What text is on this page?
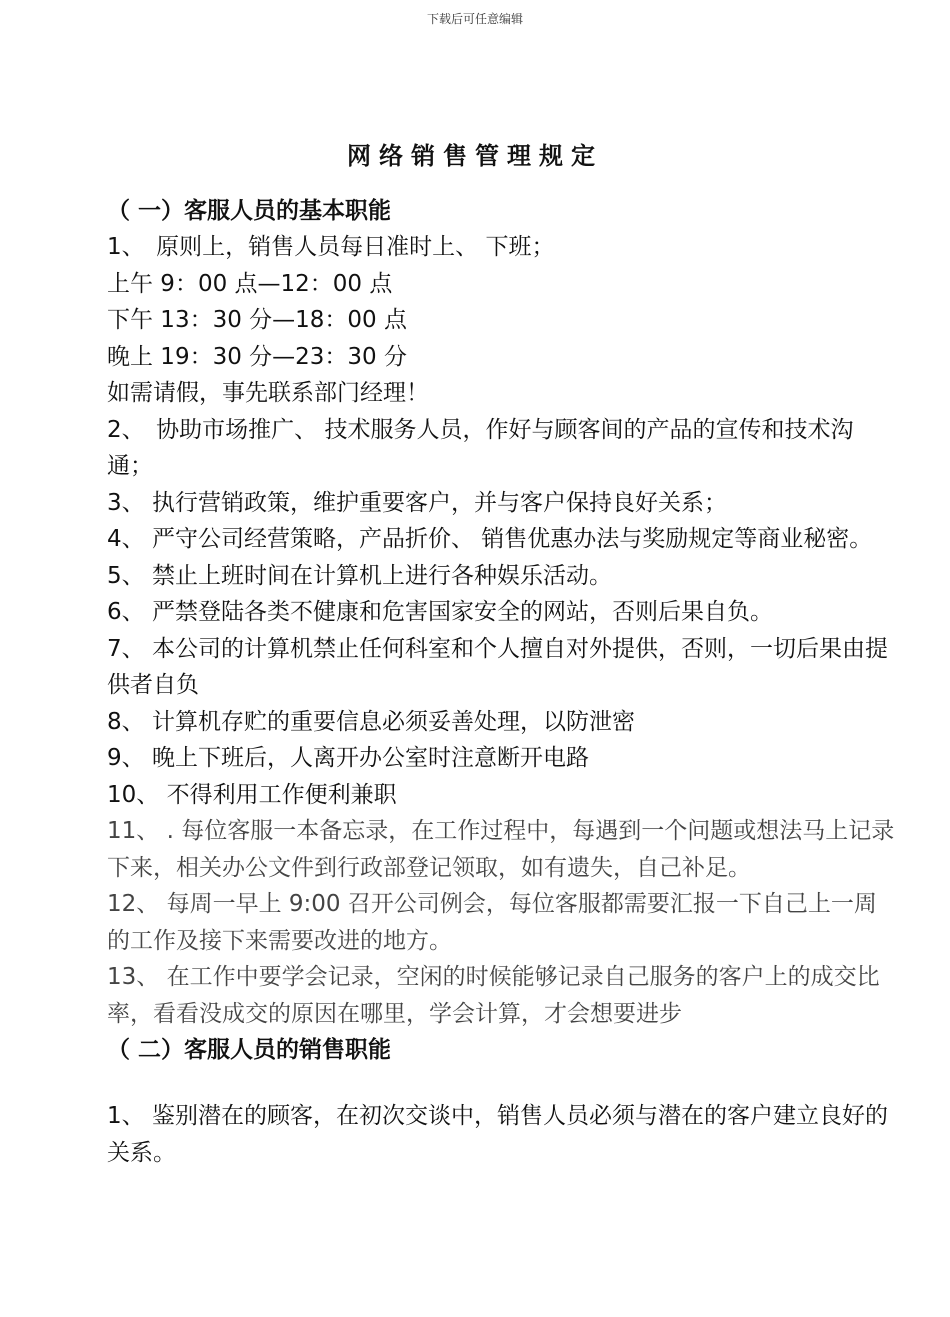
下载后可任意编辑
网络销售管理规定
（ 一）客服人员的基本职能
1、　原则上，销售人员每日准时上、 下班；
上午 9：00 点—12：00 点
下午 13：30 分—18：00 点
晚上 19：30 分—23：30 分
如需请假，事先联系部门经理！
2、　协助市场推广、 技术服务人员，作好与顾客间的产品的宣传和技术沟通；
3、 执行营销政策，维护重要客户，并与客户保持良好关系；
4、 严守公司经营策略，产品折价、 销售优惠办法与奖励规定等商业秘密。
5、 禁止上班时间在计算机上进行各种娱乐活动。
6、 严禁登陆各类不健康和危害国家安全的网站，否则后果自负。
7、 本公司的计算机禁止任何科室和个人擅自对外提供，否则，一切后果由提供者自负
8、 计算机存贮的重要信息必须妥善处理，以防泄密
9、 晚上下班后，人离开办公室时注意断开电路
10、 不得利用工作便利兼职
11、 . 每位客服一本备忘录，在工作过程中，每遇到一个问题或想法马上记录下来，相关办公文件到行政部登记领取，如有遗失，自己补足。
12、 每周一早上 9:00 召开公司例会，每位客服都需要汇报一下自己上一周的工作及接下来需要改进的地方。
13、 在工作中要学会记录，空闲的时候能够记录自己服务的客户上的成交比率，看看没成交的原因在哪里，学会计算，才会想要进步
（ 二）客服人员的销售职能
1、 鉴别潜在的顾客，在初次交谈中，销售人员必须与潜在的客户建立良好的关系。
